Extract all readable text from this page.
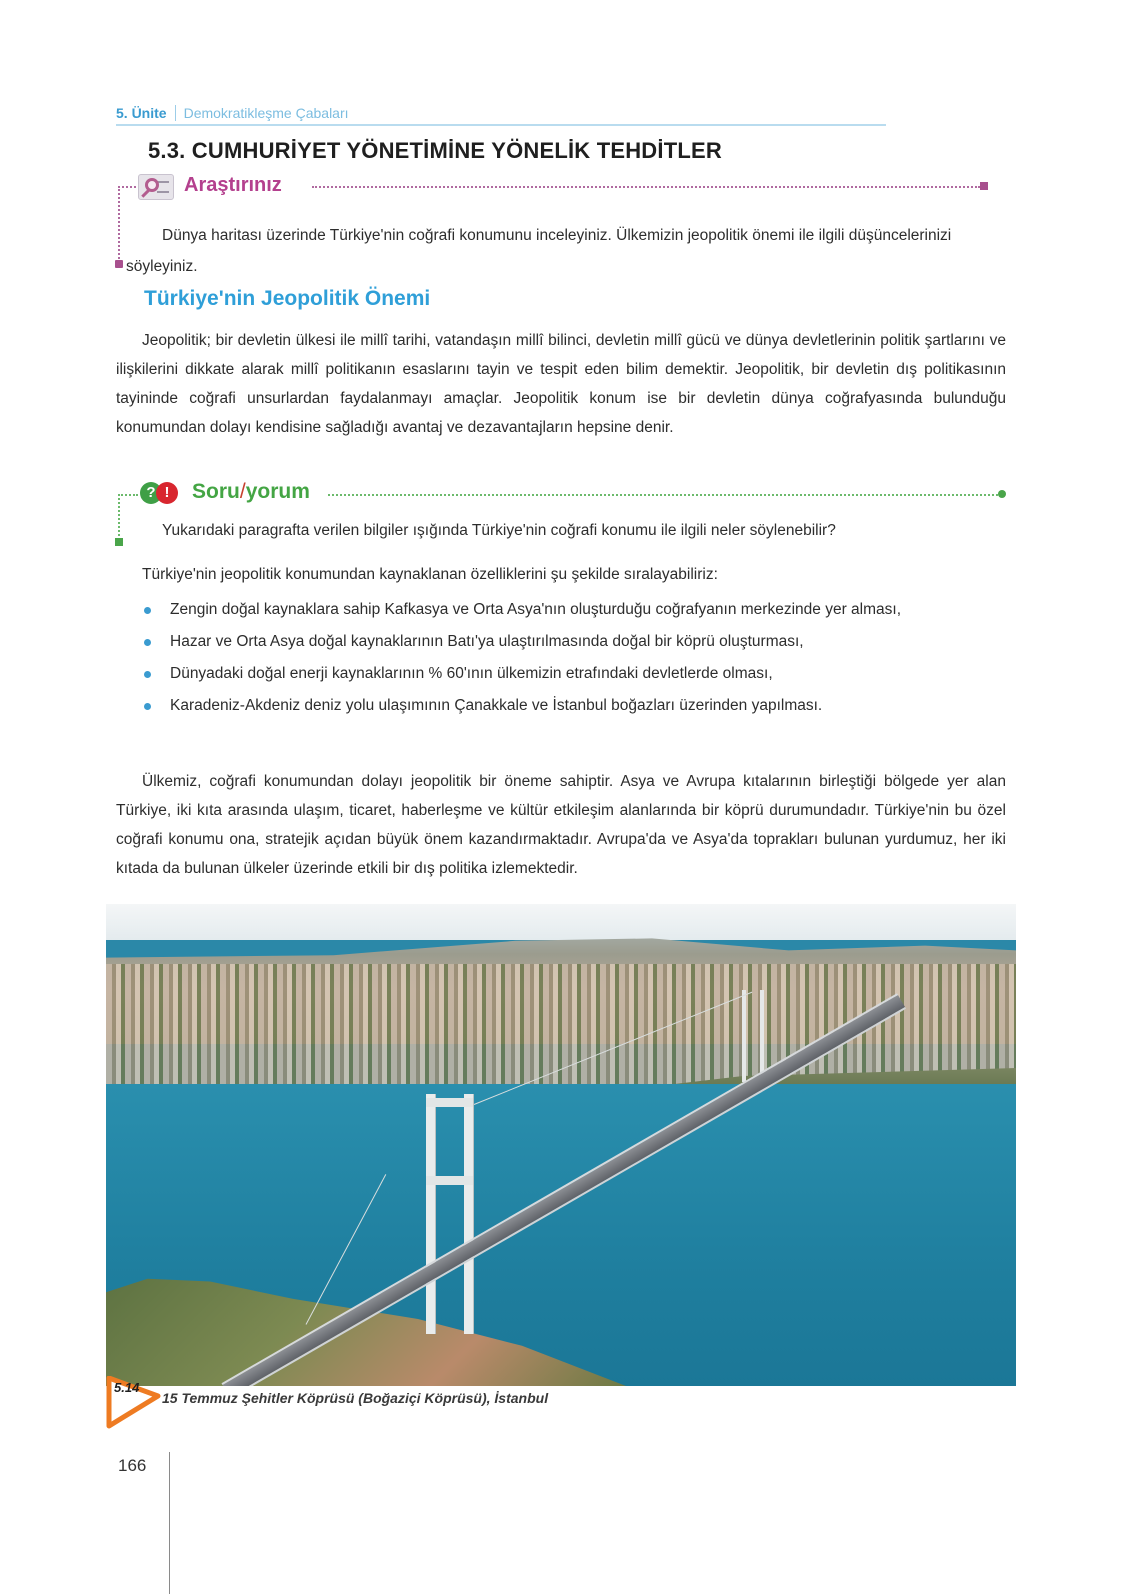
5. Ünite	Demokratikleşme Çabaları
5.3. CUMHURİYET YÖNETİMİNE YÖNELİK TEHDİTLER
Araştırınız

Dünya haritası üzerinde Türkiye'nin coğrafi konumunu inceleyiniz. Ülkemizin jeopolitik önemi ile ilgili düşüncelerinizi söyleyiniz.

Türkiye'nin Jeopolitik Önemi

Jeopolitik; bir devletin ülkesi ile millî tarihi, vatandaşın millî bilinci, devletin millî gücü ve dünya devletlerinin politik şartlarını ve ilişkilerini dikkate alarak millî politikanın esaslarını tayin ve tespit eden bilim demektir. Jeopolitik, bir devletin dış politikasının tayininde coğrafi unsurlardan faydalanmayı amaçlar. Jeopolitik konum ise bir devletin dünya coğrafyasında bulunduğu konumundan dolayı kendisine sağladığı avantaj ve dezavantajların hepsine denir.

? !	Soru/yorum

Yukarıdaki paragrafta verilen bilgiler ışığında Türkiye'nin coğrafi konumu ile ilgili neler söylenebilir?

Türkiye'nin jeopolitik konumundan kaynaklanan özelliklerini şu şekilde sıralayabiliriz:

Zengin doğal kaynaklara sahip Kafkasya ve Orta Asya'nın oluşturduğu coğrafyanın merkezinde yer alması,
Hazar ve Orta Asya doğal kaynaklarının Batı'ya ulaştırılmasında doğal bir köprü oluşturması,
Dünyadaki doğal enerji kaynaklarının % 60'ının ülkemizin etrafındaki devletlerde olması,
Karadeniz-Akdeniz deniz yolu ulaşımının Çanakkale ve İstanbul boğazları üzerinden yapılması.

Ülkemiz, coğrafi konumundan dolayı jeopolitik bir öneme sahiptir. Asya ve Avrupa kıtalarının birleştiği bölgede yer alan Türkiye, iki kıta arasında ulaşım, ticaret, haberleşme ve kültür etkileşim alanlarında bir köprü durumundadır. Türkiye'nin bu özel coğrafi konumu ona, stratejik açıdan büyük önem kazandırmaktadır. Avrupa'da ve Asya'da toprakları bulunan yurdumuz, her iki kıtada da bulunan ülkeler üzerinde etkili bir dış politika izlemektedir.

5.14
15 Temmuz Şehitler Köprüsü (Boğaziçi Köprüsü), İstanbul
166
